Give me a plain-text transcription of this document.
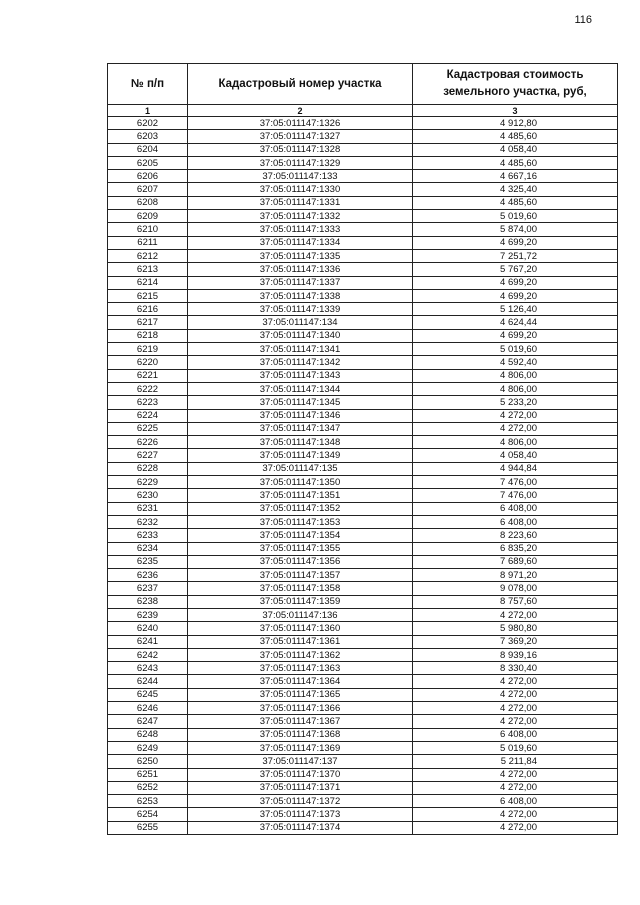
116
№ п/п	Кадастровый номер участка	Кадастровая стоимость земельного участка, руб,
1	2	3
6202	37:05:011147:1326	4 912,80
6203	37:05:011147:1327	4 485,60
6204	37:05:011147:1328	4 058,40
6205	37:05:011147:1329	4 485,60
6206	37:05:011147:133	4 667,16
6207	37:05:011147:1330	4 325,40
6208	37:05:011147:1331	4 485,60
6209	37:05:011147:1332	5 019,60
6210	37:05:011147:1333	5 874,00
6211	37:05:011147:1334	4 699,20
6212	37:05:011147:1335	7 251,72
6213	37:05:011147:1336	5 767,20
6214	37:05:011147:1337	4 699,20
6215	37:05:011147:1338	4 699,20
6216	37:05:011147:1339	5 126,40
6217	37:05:011147:134	4 624,44
6218	37:05:011147:1340	4 699,20
6219	37:05:011147:1341	5 019,60
6220	37:05:011147:1342	4 592,40
6221	37:05:011147:1343	4 806,00
6222	37:05:011147:1344	4 806,00
6223	37:05:011147:1345	5 233,20
6224	37:05:011147:1346	4 272,00
6225	37:05:011147:1347	4 272,00
6226	37:05:011147:1348	4 806,00
6227	37:05:011147:1349	4 058,40
6228	37:05:011147:135	4 944,84
6229	37:05:011147:1350	7 476,00
6230	37:05:011147:1351	7 476,00
6231	37:05:011147:1352	6 408,00
6232	37:05:011147:1353	6 408,00
6233	37:05:011147:1354	8 223,60
6234	37:05:011147:1355	6 835,20
6235	37:05:011147:1356	7 689,60
6236	37:05:011147:1357	8 971,20
6237	37:05:011147:1358	9 078,00
6238	37:05:011147:1359	8 757,60
6239	37:05:011147:136	4 272,00
6240	37:05:011147:1360	5 980,80
6241	37:05:011147:1361	7 369,20
6242	37:05:011147:1362	8 939,16
6243	37:05:011147:1363	8 330,40
6244	37:05:011147:1364	4 272,00
6245	37:05:011147:1365	4 272,00
6246	37:05:011147:1366	4 272,00
6247	37:05:011147:1367	4 272,00
6248	37:05:011147:1368	6 408,00
6249	37:05:011147:1369	5 019,60
6250	37:05:011147:137	5 211,84
6251	37:05:011147:1370	4 272,00
6252	37:05:011147:1371	4 272,00
6253	37:05:011147:1372	6 408,00
6254	37:05:011147:1373	4 272,00
6255	37:05:011147:1374	4 272,00
